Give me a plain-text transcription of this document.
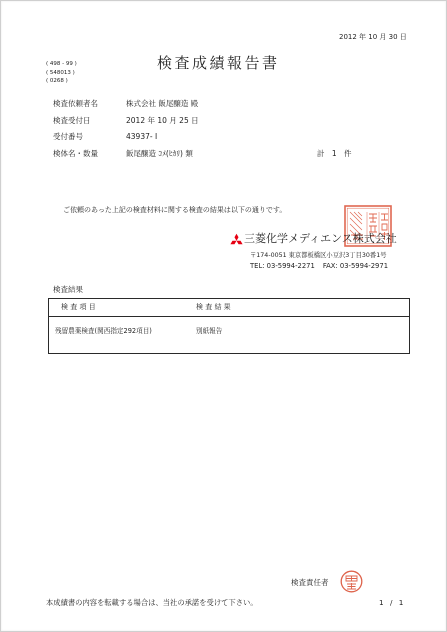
2012 年 10 月 30 日
検査成績報告書
( 498 - 99 )
( 548013 )
( 0268 )
検査依頼者名	株式会社 飯尾醸造 殿
検査受付日	2012 年 10 月 25 日
受付番号	43937- I
検体名・数量	飯尾醸造 ｺﾒ(ﾋｶﾘ) 類	計 1 件
ご依頼のあった上記の検査材料に関する検査の結果は以下の通りです。
三菱化学メディエンス株式会社
〒174-0051 東京都板橋区小豆沢3丁目30番1号
TEL: 03-5994-2271 FAX: 03-5994-2971
検査結果
検 査 項 目	検 査 結 果
残留農薬検査(関西指定292項目)	別紙報告
検査責任者
本成績書の内容を転載する場合は、当社の承諾を受けて下さい。	1 / 1
